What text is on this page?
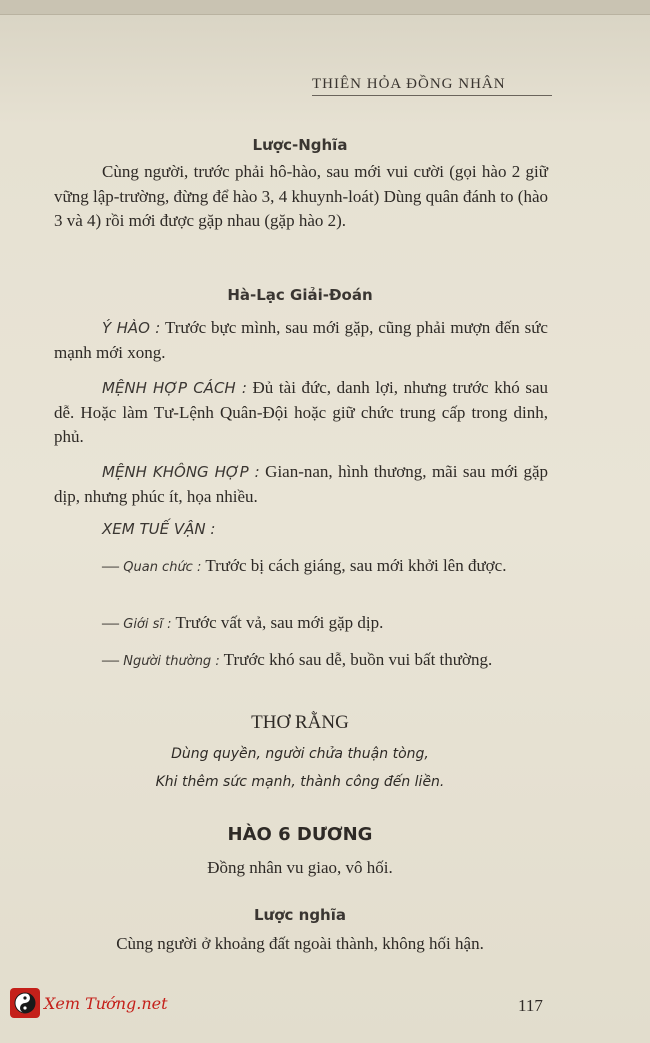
THIÊN HỎA ĐỒNG NHÂN
Lược-Nghĩa
Cùng người, trước phải hô-hào, sau mới vui cười (gọi hào 2 giữ vững lập-trường, đừng để hào 3, 4 khuynh-loát) Dùng quân đánh to (hào 3 và 4) rồi mới được gặp nhau (gặp hào 2).
Hà-Lạc Giải-Đoán
Ý HÀO : Trước bực mình, sau mới gặp, cũng phải mượn đến sức mạnh mới xong.
MỆNH HỢP CÁCH : Đủ tài đức, danh lợi, nhưng trước khó sau dễ. Hoặc làm Tư-Lệnh Quân-Đội hoặc giữ chức trung cấp trong dinh, phủ.
MỆNH KHÔNG HỢP : Gian-nan, hình thương, mãi sau mới gặp dịp, nhưng phúc ít, họa nhiều.
XEM TUẾ VẬN :
— Quan chức : Trước bị cách giáng, sau mới khởi lên được.
— Giới sĩ : Trước vất vả, sau mới gặp dịp.
— Người thường : Trước khó sau dễ, buồn vui bất thường.
THƠ RẰNG
Dùng quyền, người chửa thuận tòng,
Khi thêm sức mạnh, thành công đến liền.
HÀO 6 DƯƠNG
Đồng nhân vu giao, vô hối.
Lược nghĩa
Cùng người ở khoảng đất ngoài thành, không hối hận.
Xem Tướng.net	117
